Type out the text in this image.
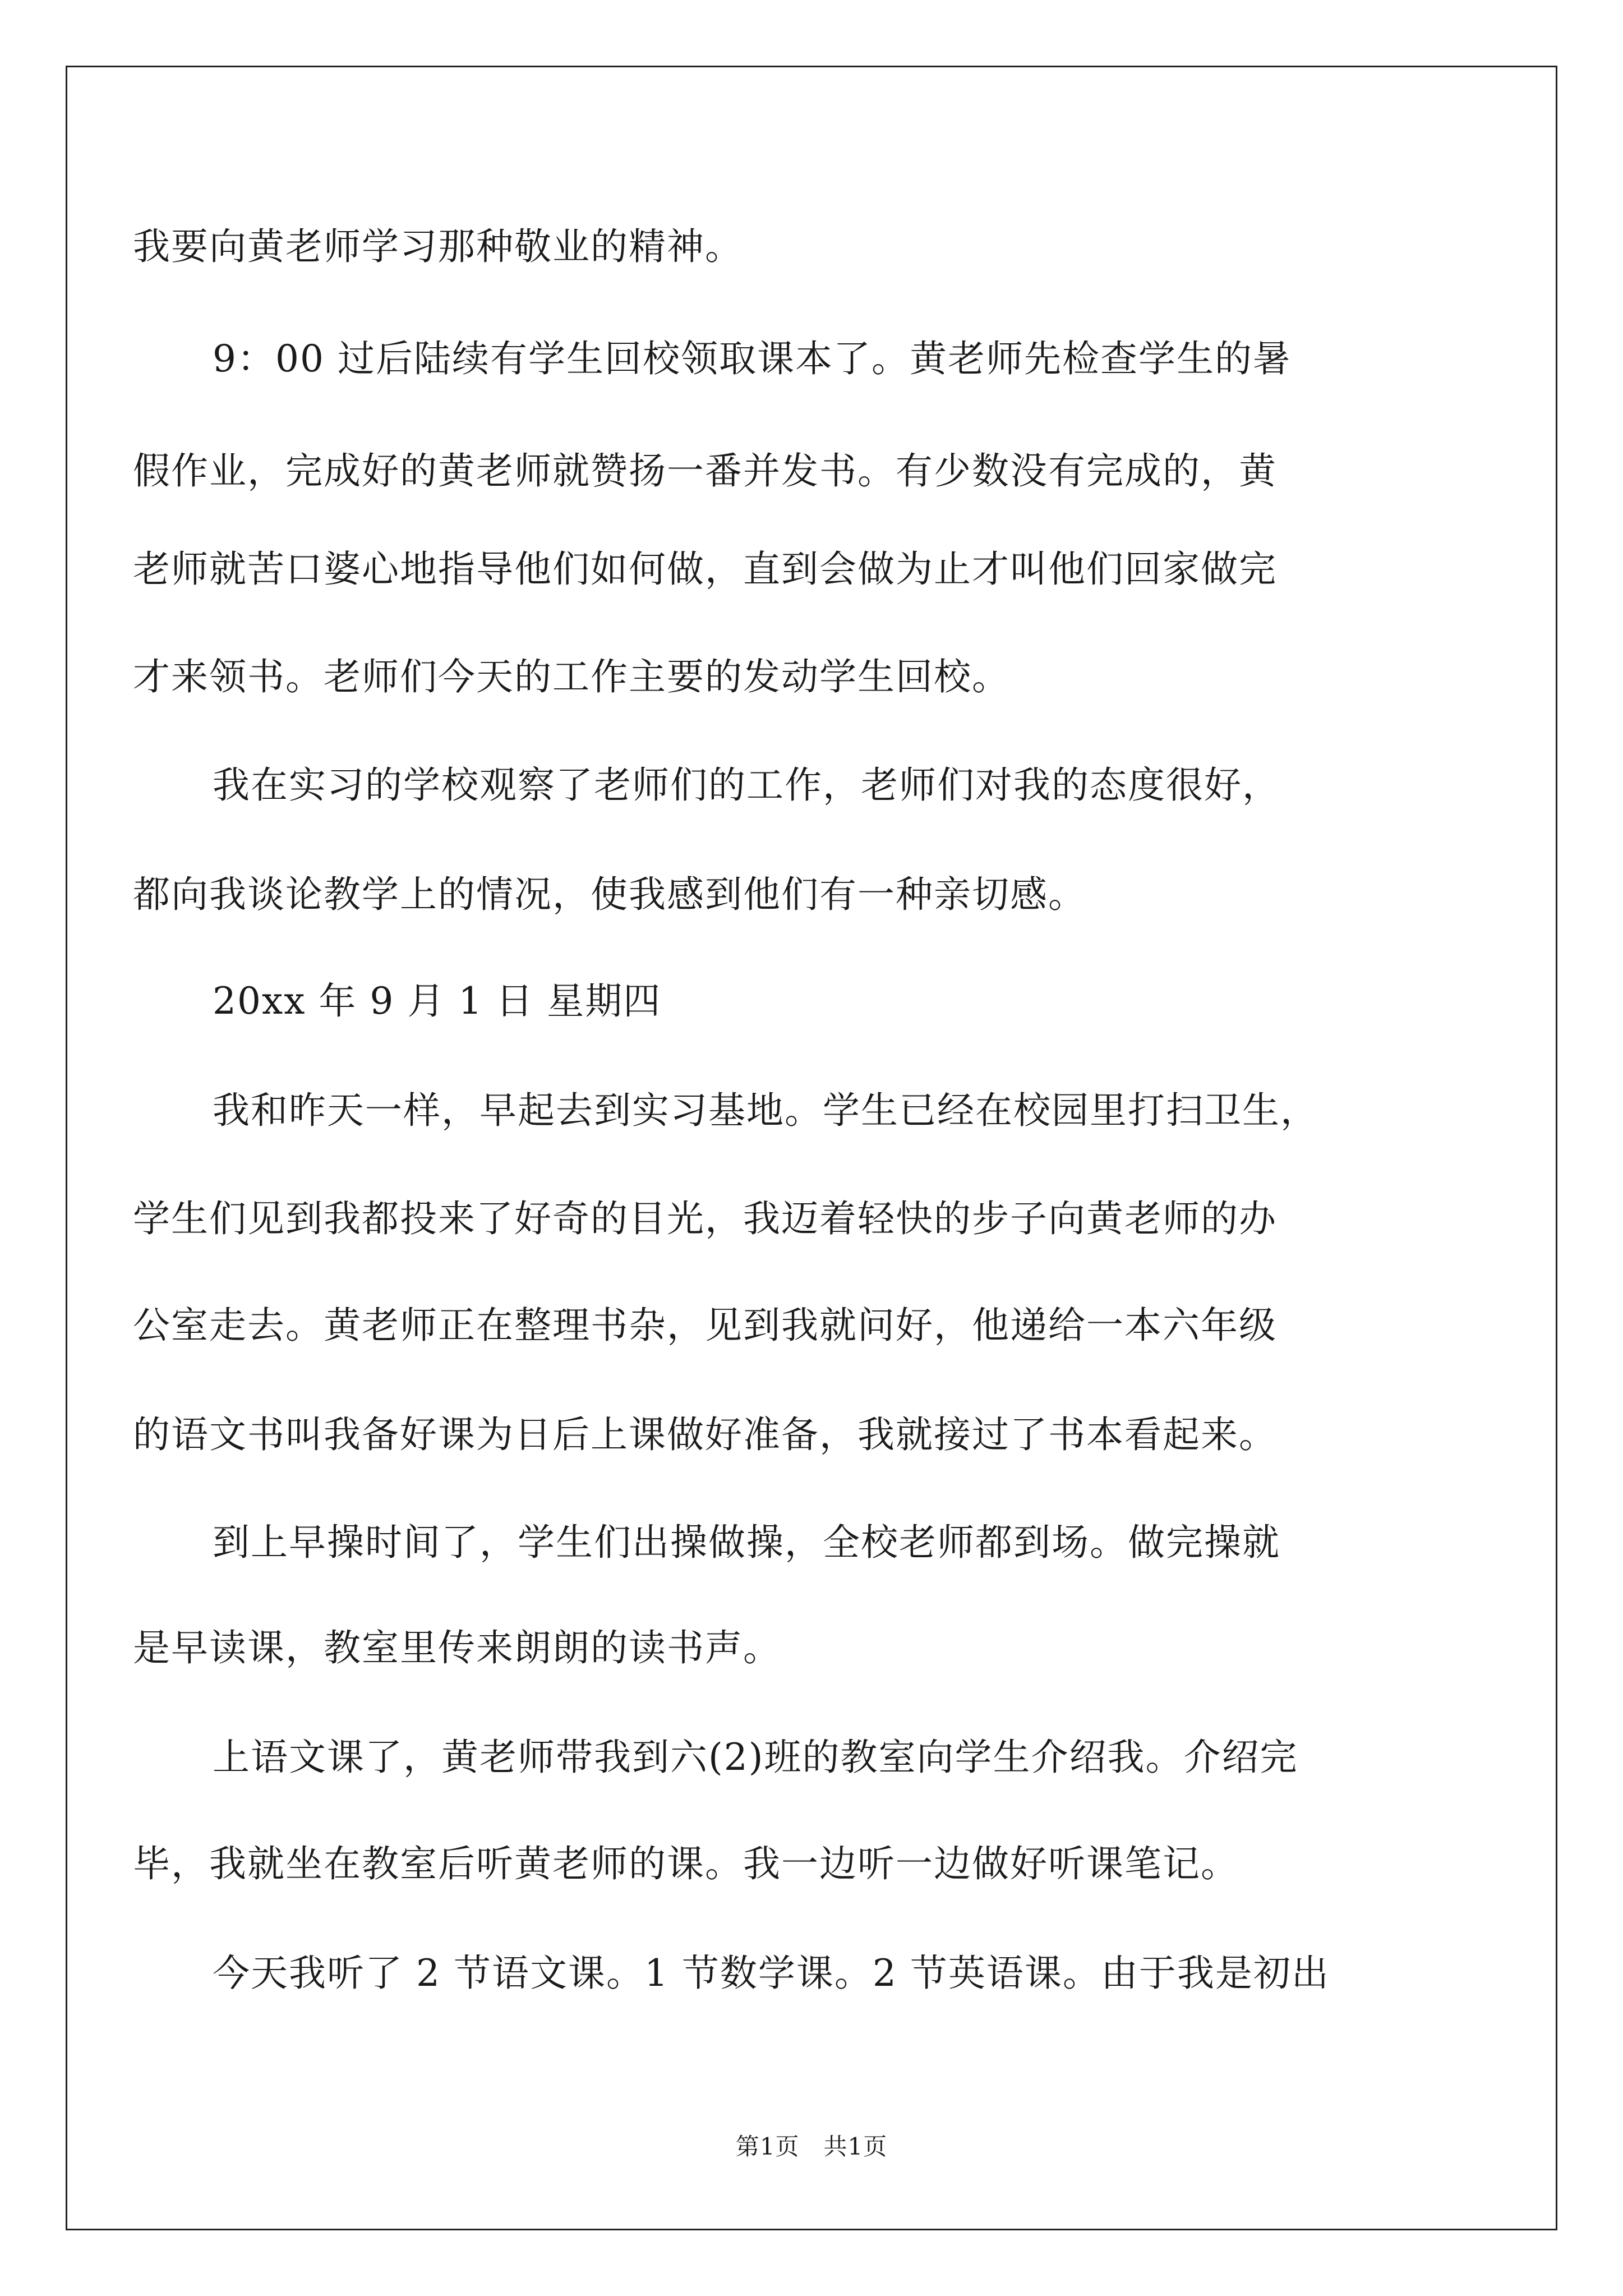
我要向黄老师学习那种敬业的精神。
9：00 过后陆续有学生回校领取课本了。黄老师先检查学生的暑
假作业，完成好的黄老师就赞扬一番并发书。有少数没有完成的，黄
老师就苦口婆心地指导他们如何做，直到会做为止才叫他们回家做完
才来领书。老师们今天的工作主要的发动学生回校。
我在实习的学校观察了老师们的工作，老师们对我的态度很好，
都向我谈论教学上的情况，使我感到他们有一种亲切感。
20xx 年 9 月 1 日 星期四
我和昨天一样，早起去到实习基地。学生已经在校园里打扫卫生，
学生们见到我都投来了好奇的目光，我迈着轻快的步子向黄老师的办
公室走去。黄老师正在整理书杂，见到我就问好，他递给一本六年级
的语文书叫我备好课为日后上课做好准备，我就接过了书本看起来。
到上早操时间了，学生们出操做操，全校老师都到场。做完操就
是早读课，教室里传来朗朗的读书声。
上语文课了，黄老师带我到六(2)班的教室向学生介绍我。介绍完
毕，我就坐在教室后听黄老师的课。我一边听一边做好听课笔记。
今天我听了 2 节语文课。1 节数学课。2 节英语课。由于我是初出
第1页 共1页
